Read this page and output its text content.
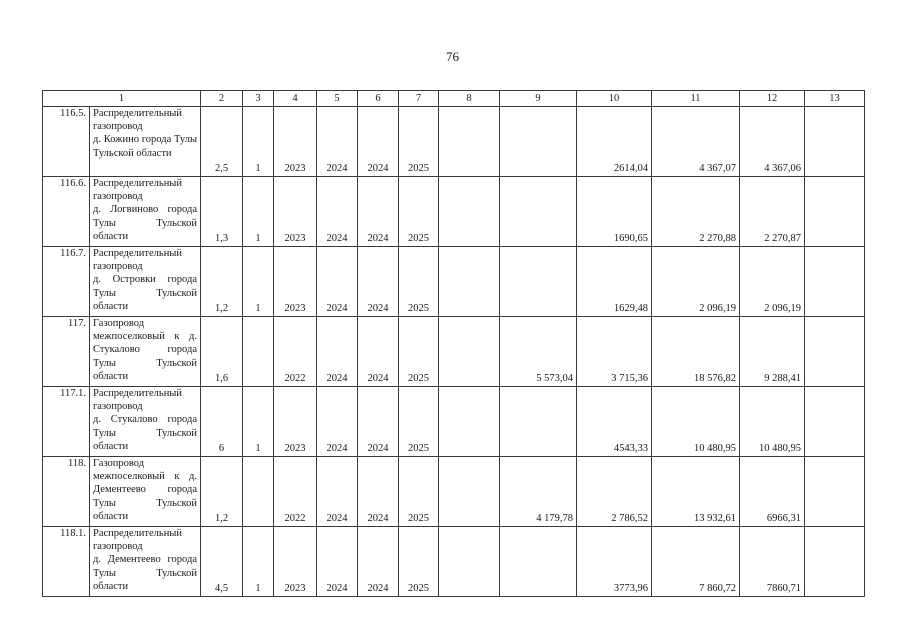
76
1		2	3	4	5	6	7	8	9	10	11	12	13
116.5.	Распределительный газопровод
д. Кожино города Тулы Тульской области	2,5	1	2023	2024	2024	2025			2614,04	4 367,07	4 367,06	
116.6.	Распределительный газопровод
д. Логвиново города Тулы Тульской области	1,3	1	2023	2024	2024	2025			1690,65	2 270,88	2 270,87	
116.7.	Распределительный газопровод
д. Островки города Тулы Тульской области	1,2	1	2023	2024	2024	2025			1629,48	2 096,19	2 096,19	
117.	Газопровод межпоселковый к д. Стукалово города Тулы Тульской области	1,6		2022	2024	2024	2025		5 573,04	3 715,36	18 576,82	9 288,41	
117.1.	Распределительный газопровод
д. Стукалово города Тулы Тульской области	6	1	2023	2024	2024	2025			4543,33	10 480,95	10 480,95	
118.	Газопровод межпоселковый к д. Дементеево города Тулы Тульской области	1,2		2022	2024	2024	2025		4 179,78	2 786,52	13 932,61	6966,31	
118.1.	Распределительный газопровод
д. Дементеево города Тулы Тульской области	4,5	1	2023	2024	2024	2025			3773,96	7 860,72	7860,71	
